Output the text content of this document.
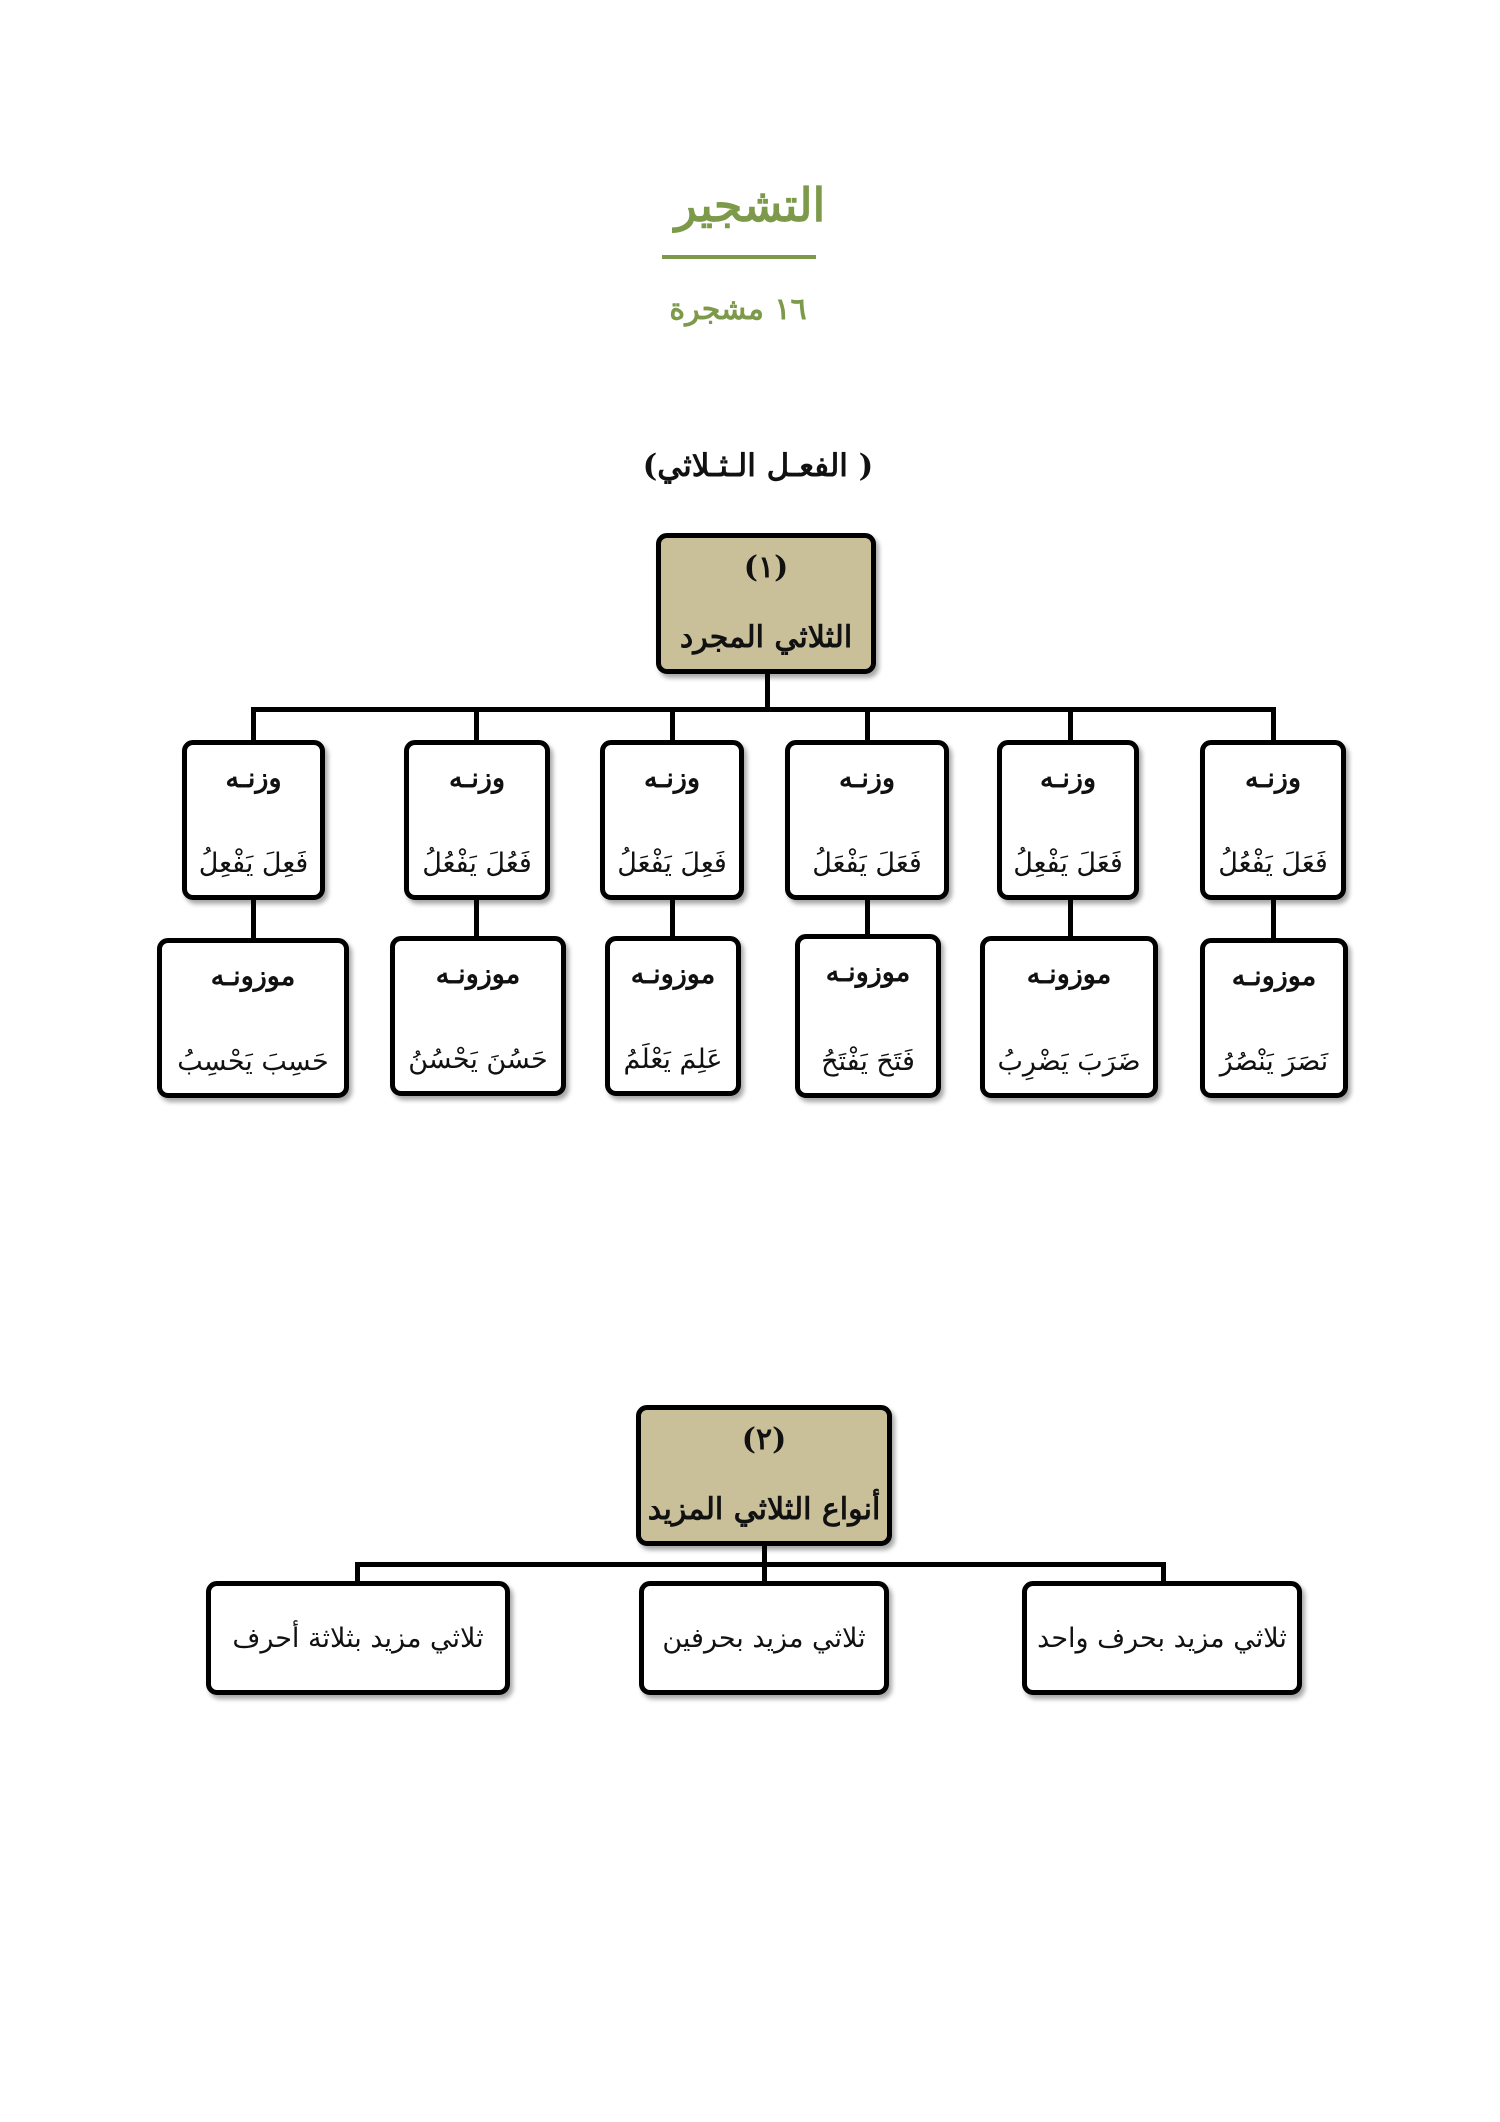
التشجير
١٦ مشجرة
( الفعـل الـثـلاثي)
(١)
الثلاثي المجرد
وزنـه
فَعَلَ يَفْعُلُ
وزنـه
فَعَلَ يَفْعِلُ
وزنـه
فَعَلَ يَفْعَلُ
وزنـه
فَعِلَ يَفْعَلُ
وزنـه
فَعُلَ يَفْعُلُ
وزنـه
فَعِلَ يَفْعِلُ
موزونـه
نَصَرَ يَنْصُرُ
موزونـه
ضَرَبَ يَضْرِبُ
موزونـه
فَتَحَ يَفْتَحُ
موزونـه
عَلِمَ يَعْلَمُ
موزونـه
حَسُنَ يَحْسُنُ
موزونـه
حَسِبَ يَحْسِبُ
(٢)
أنواع الثلاثي المزيد
ثلاثي مزيد بحرف واحد
ثلاثي مزيد بحرفين
ثلاثي مزيد بثلاثة أحرف
